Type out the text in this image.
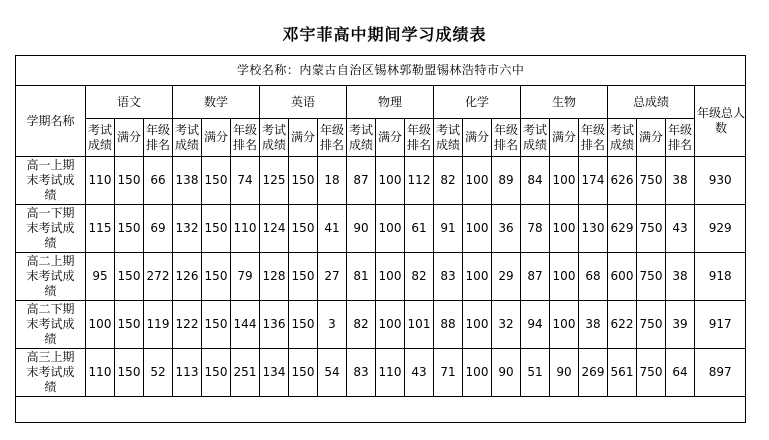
邓宇菲高中期间学习成绩表
学校名称：内蒙古自治区锡林郭勒盟锡林浩特市六中																						
学期名称	语文			数学			英语			物理			化学			生物			总成绩			年级总人数
	考试成绩	满分	年级排名	考试成绩	满分	年级排名	考试成绩	满分	年级排名	考试成绩	满分	年级排名	考试成绩	满分	年级排名	考试成绩	满分	年级排名	考试成绩	满分	年级排名	
高一上期末考试成绩	110	150	66	138	150	74	125	150	18	87	100	112	82	100	89	84	100	174	626	750	38	930
高一下期末考试成绩	115	150	69	132	150	110	124	150	41	90	100	61	91	100	36	78	100	130	629	750	43	929
高二上期末考试成绩	95	150	272	126	150	79	128	150	27	81	100	82	83	100	29	87	100	68	600	750	38	918
高二下期末考试成绩	100	150	119	122	150	144	136	150	3	82	100	101	88	100	32	94	100	38	622	750	39	917
高三上期末考试成绩	110	150	52	113	150	251	134	150	54	83	110	43	71	100	90	51	90	269	561	750	64	897
